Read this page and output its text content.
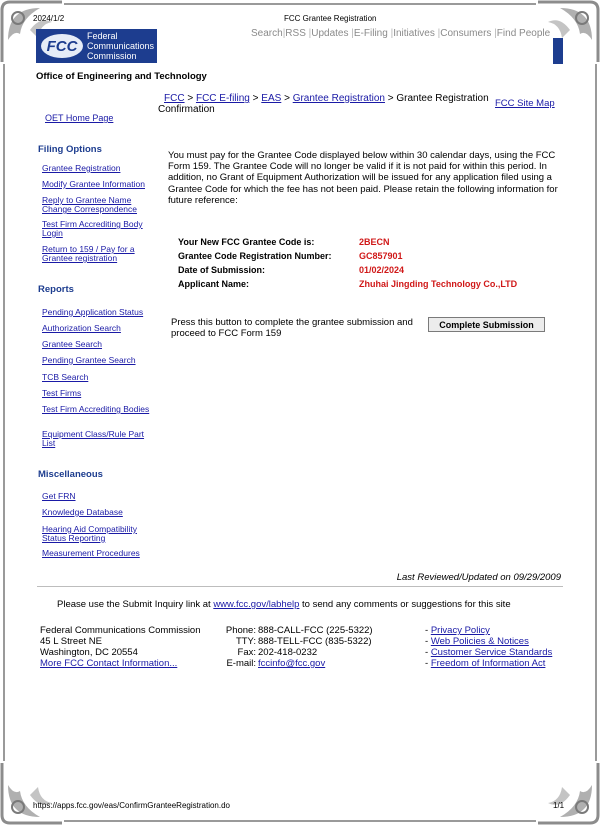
2024/1/2	FCC Grantee Registration
https://apps.fcc.gov/eas/ConfirmGranteeRegistration.do	1/1
FCC
Federal
Communications
Commission
Search|RSS |Updates |E-Filing |Initiatives |Consumers |Find People
Office of Engineering and Technology
FCC > FCC E-filing > EAS > Grantee Registration > Grantee Registration
Confirmation
FCC Site Map
OET Home Page
Filing Options
Grantee Registration
Modify Grantee Information
Reply to Grantee Name Change Correspondence
Test Firm Accrediting Body Login
Return to 159 / Pay for a Grantee registration
Reports
Pending Application Status
Authorization Search
Grantee Search
Pending Grantee Search
TCB Search
Test Firms
Test Firm Accrediting Bodies
Equipment Class/Rule Part List
Miscellaneous
Get FRN
Knowledge Database
Hearing Aid Compatibility Status Reporting
Measurement Procedures
You must pay for the Grantee Code displayed below within 30 calendar days, using the FCC Form 159. The Grantee Code will no longer be valid if it is not paid for within this period. In addition, no Grant of Equipment Authorization will be issued for any application filed using a Grantee Code for which the fee has not been paid. Please retain the following information for future reference:
Your New FCC Grantee Code is:	2BECN
Grantee Code Registration Number:	GC857901
Date of Submission:	01/02/2024
Applicant Name:	Zhuhai Jingding Technology Co.,LTD
Press this button to complete the grantee submission and proceed to FCC Form 159
Complete Submission
Last Reviewed/Updated on 09/29/2009
Please use the Submit Inquiry link at www.fcc.gov/labhelp to send any comments or suggestions for this site
Federal Communications Commission
45 L Street NE
Washington, DC 20554
More FCC Contact Information...
Phone: 888-CALL-FCC (225-5322)
TTY: 888-TELL-FCC (835-5322)
Fax: 202-418-0232
E-mail: fccinfo@fcc.gov
- Privacy Policy
- Web Policies & Notices
- Customer Service Standards
- Freedom of Information Act
